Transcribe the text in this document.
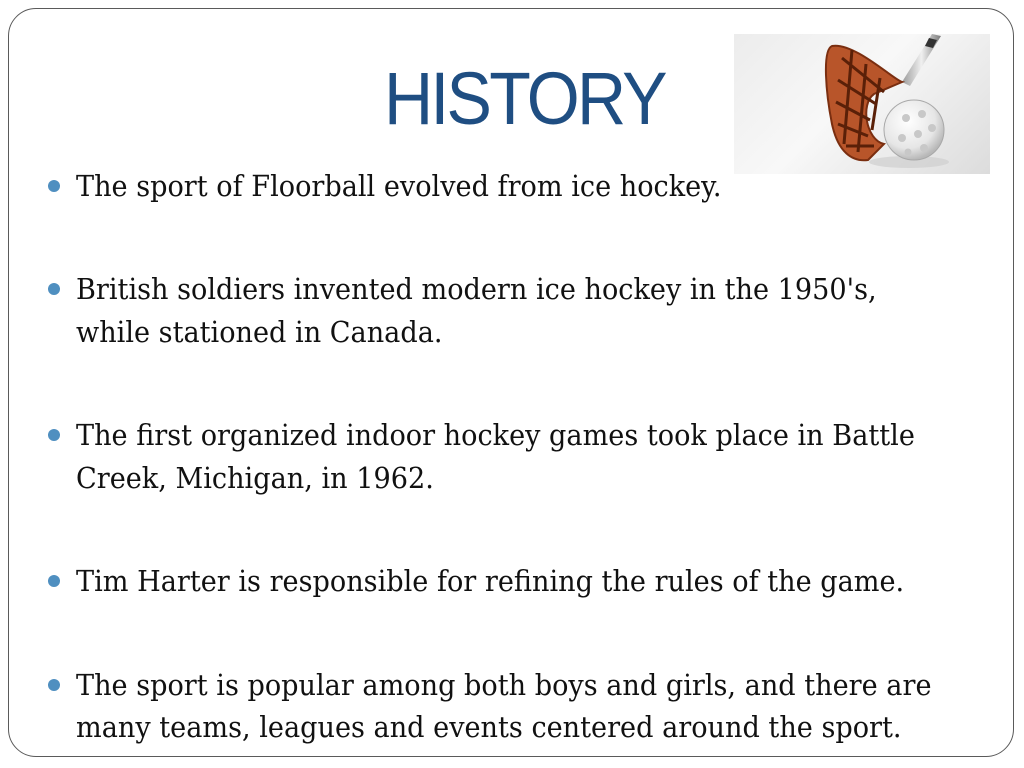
HISTORY
The sport of Floorball evolved from ice hockey.
British soldiers invented modern ice hockey in the 1950's,
while stationed in Canada.
The first organized indoor hockey games took place in Battle
Creek, Michigan, in 1962.
Tim Harter is responsible for refining the rules of the game.
The sport is popular among both boys and girls, and there are
many teams, leagues and events centered around the sport.
